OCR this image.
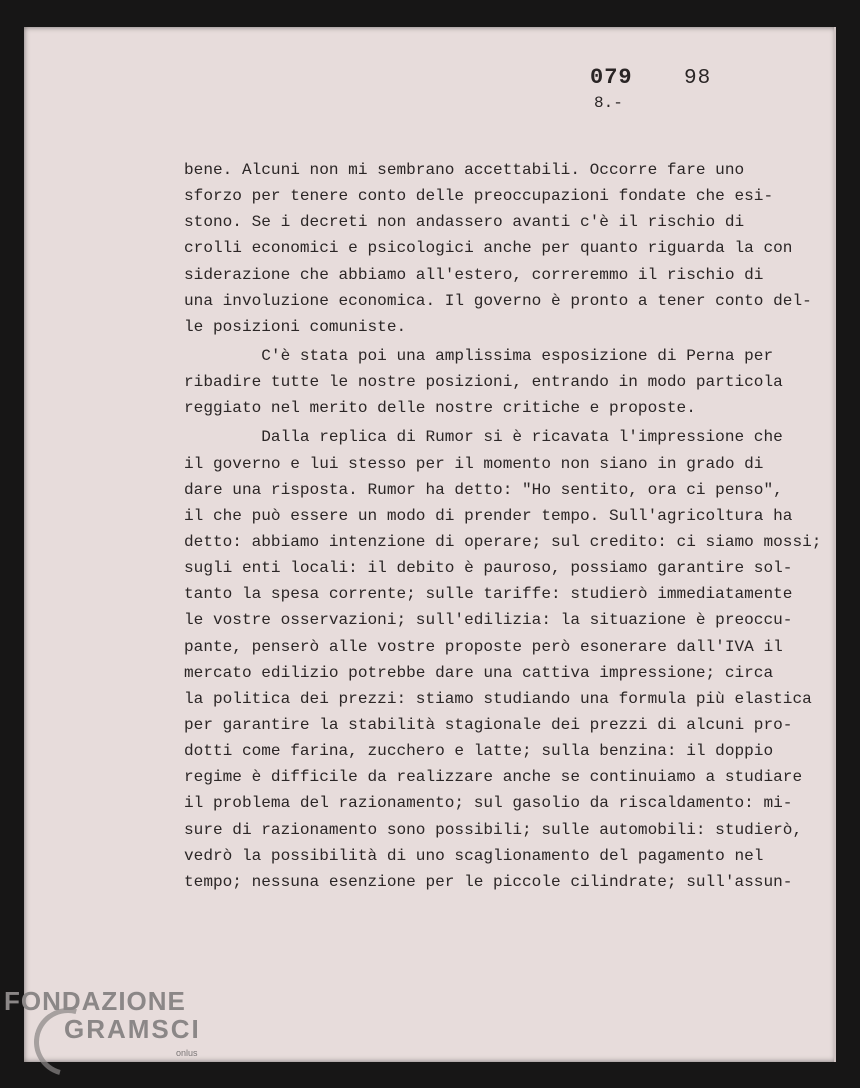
079 98
8.-
bene. Alcuni non mi sembrano accettabili. Occorre fare uno
sforzo per tenere conto delle preoccupazioni fondate che esi-
stono. Se i decreti non andassero avanti c'è il rischio di
crolli economici e psicologici anche per quanto riguarda la con
siderazione che abbiamo all'estero, correremmo il rischio di
una involuzione economica. Il governo è pronto a tener conto del-
le posizioni comuniste.
C'è stata poi una amplissima esposizione di Perna per
ribadire tutte le nostre posizioni, entrando in modo particola
reggiato nel merito delle nostre critiche e proposte.
Dalla replica di Rumor si è ricavata l'impressione che
il governo e lui stesso per il momento non siano in grado di
dare una risposta. Rumor ha detto: "Ho sentito, ora ci penso",
il che può essere un modo di prender tempo. Sull'agricoltura ha
detto: abbiamo intenzione di operare; sul credito: ci siamo mossi;
sugli enti locali: il debito è pauroso, possiamo garantire sol-
tanto la spesa corrente; sulle tariffe: studierò immediatamente
le vostre osservazioni; sull'edilizia: la situazione è preoccu-
pante, penserò alle vostre proposte però esonerare dall'IVA il
mercato edilizio potrebbe dare una cattiva impressione; circa
la politica dei prezzi: stiamo studiando una formula più elastica
per garantire la stabilità stagionale dei prezzi di alcuni pro-
dotti come farina, zucchero e latte; sulla benzina: il doppio
regime è difficile da realizzare anche se continuiamo a studiare
il problema del razionamento; sul gasolio da riscaldamento: mi-
sure di razionamento sono possibili; sulle automobili: studierò,
vedrò la possibilità di uno scaglionamento del pagamento nel
tempo; nessuna esenzione per le piccole cilindrate; sull'assun-
FONDAZIONE
GRAMSCI
onlus
